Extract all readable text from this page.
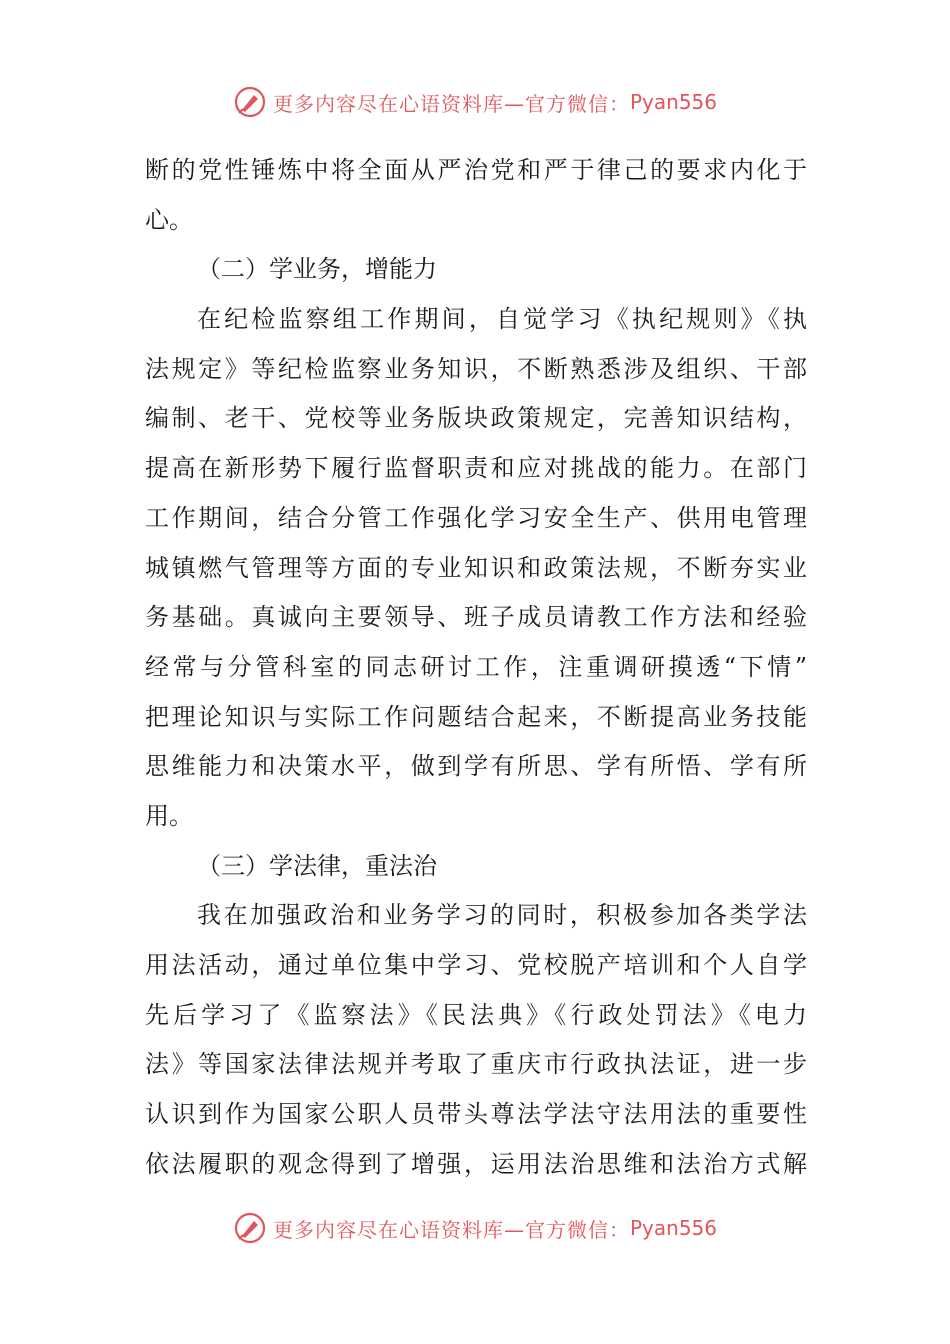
更多内容尽在心语资料库—官方微信： Pyan556
断的党性锤炼中将全面从严治党和严于律己的要求内化于
心。
（二）学业务，增能力
在纪检监察组工作期间，自觉学习《执纪规则》《执
法规定》等纪检监察业务知识，不断熟悉涉及组织、干部
编制、老干、党校等业务版块政策规定，完善知识结构，
提高在新形势下履行监督职责和应对挑战的能力。在部门
工作期间，结合分管工作强化学习安全生产、供用电管理
城镇燃气管理等方面的专业知识和政策法规，不断夯实业
务基础。真诚向主要领导、班子成员请教工作方法和经验
经常与分管科室的同志研讨工作，注重调研摸透“下情”
把理论知识与实际工作问题结合起来，不断提高业务技能
思维能力和决策水平，做到学有所思、学有所悟、学有所
用。
（三）学法律，重法治
我在加强政治和业务学习的同时，积极参加各类学法
用法活动，通过单位集中学习、党校脱产培训和个人自学
先后学习了《监察法》《民法典》《行政处罚法》《电力
法》等国家法律法规并考取了重庆市行政执法证，进一步
认识到作为国家公职人员带头尊法学法守法用法的重要性
依法履职的观念得到了增强，运用法治思维和法治方式解
更多内容尽在心语资料库—官方微信： Pyan556
